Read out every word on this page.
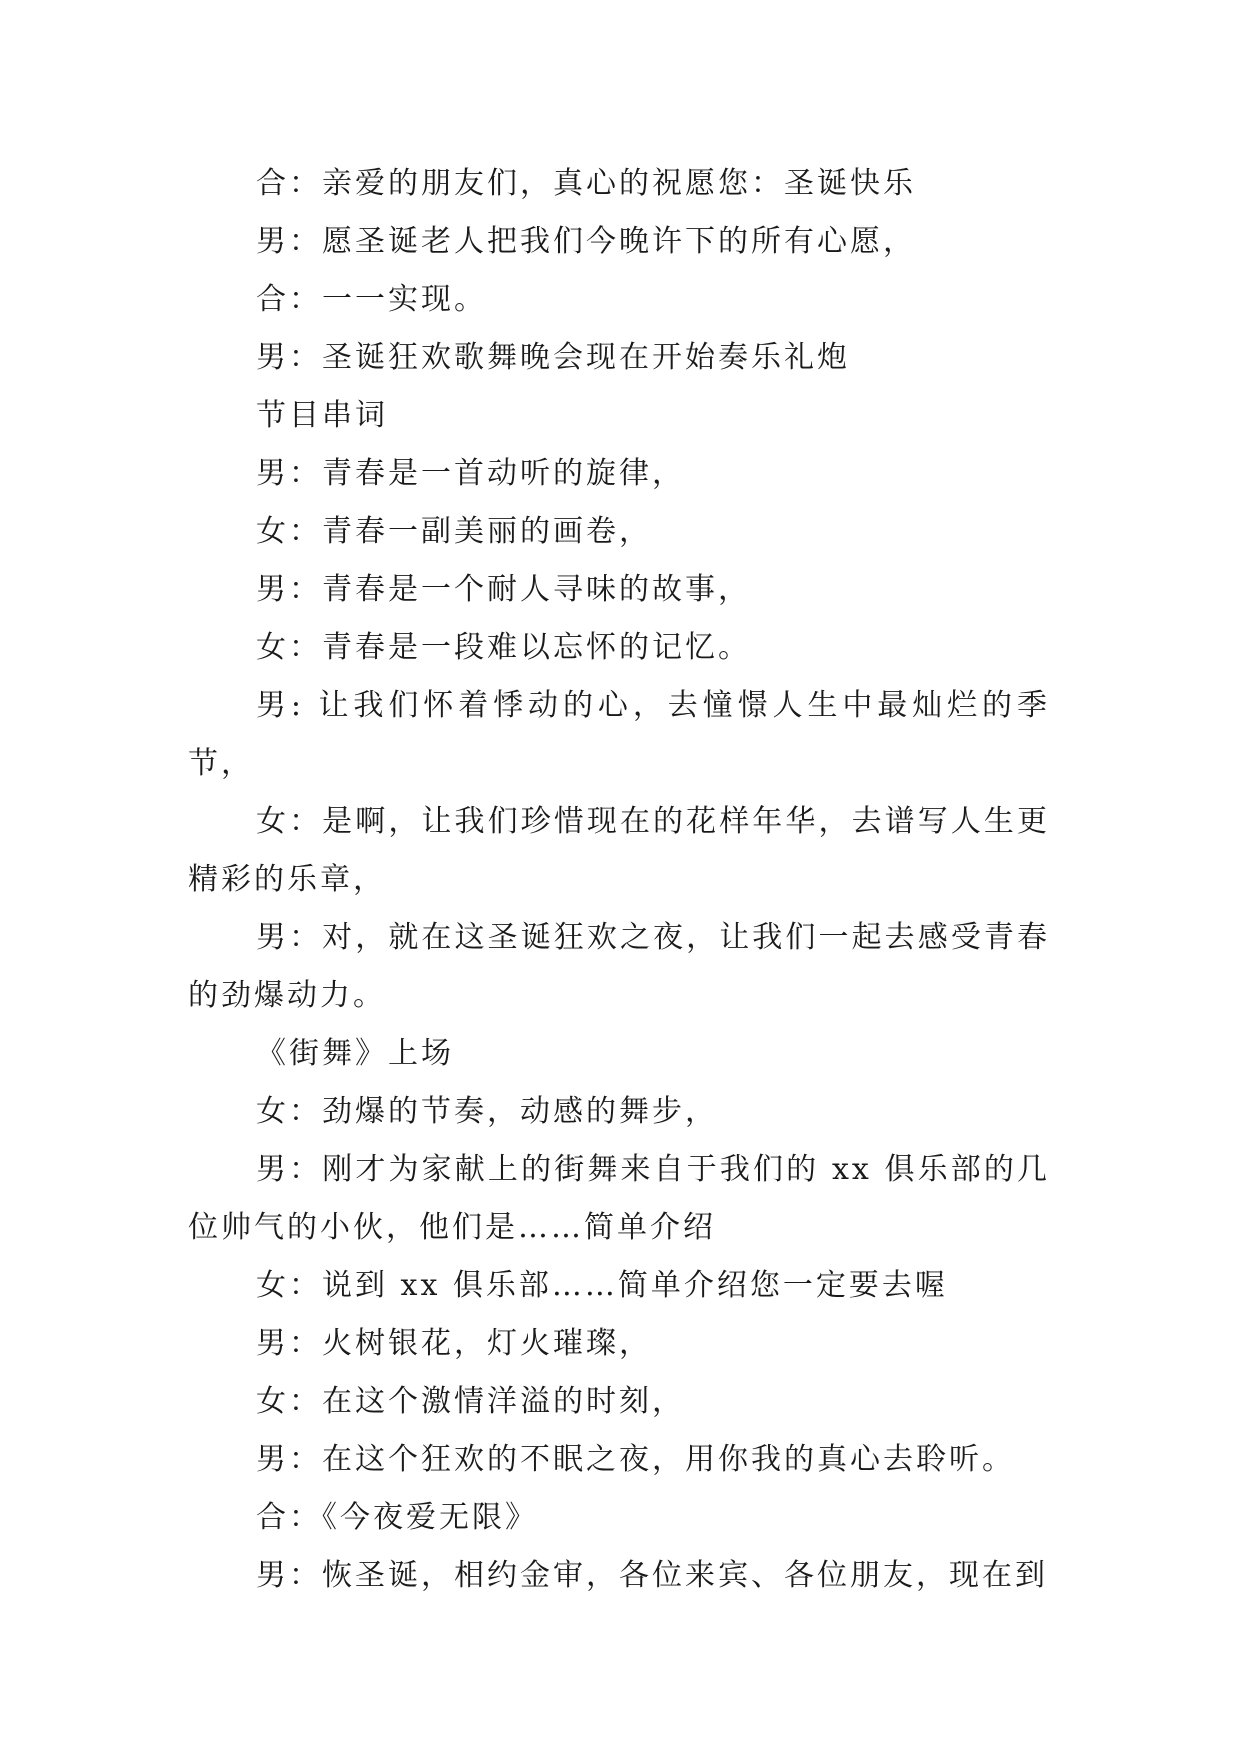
合：亲爱的朋友们，真心的祝愿您：圣诞快乐

男：愿圣诞老人把我们今晚许下的所有心愿，

合：一一实现。

男：圣诞狂欢歌舞晚会现在开始奏乐礼炮

节目串词

男：青春是一首动听的旋律，

女：青春一副美丽的画卷，

男：青春是一个耐人寻味的故事，

女：青春是一段难以忘怀的记忆。

男: 让我们怀着悸动的心，去憧憬人生中最灿烂的季节，

女：是啊，让我们珍惜现在的花样年华，去谱写人生更精彩的乐章，

男：对，就在这圣诞狂欢之夜，让我们一起去感受青春的劲爆动力。

《街舞》上场

女：劲爆的节奏，动感的舞步，

男：刚才为家献上的街舞来自于我们的 xx 俱乐部的几位帅气的小伙，他们是……简单介绍

女：说到 xx 俱乐部……简单介绍您一定要去喔

男：火树银花，灯火璀璨，

女：在这个激情洋溢的时刻，

男：在这个狂欢的不眠之夜，用你我的真心去聆听。

合：《今夜爱无限》

男：恢圣诞，相约金审，各位来宾、各位朋友，现在到
